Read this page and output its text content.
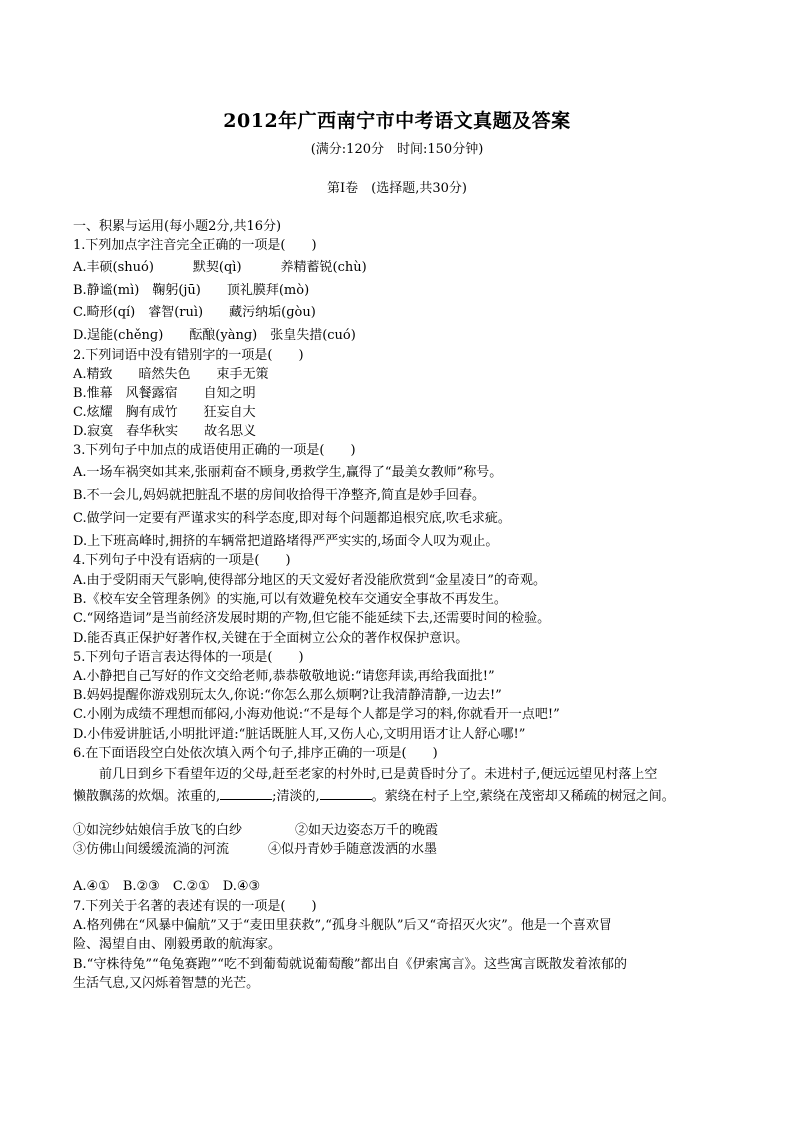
2012年广西南宁市中考语文真题及答案
(满分:120分　时间:150分钟)
第Ⅰ卷　(选择题,共30分)
一、积累与运用(每小题2分,共16分)
1.下列加点字注音完全正确的一项是(　　)
A.丰硕(shuó)　　　默契(qì)　　　养精蓄锐(chù)
B.静谧(mì)　鞠躬(jū)　　顶礼膜拜(mò)
C.畸形(qí)　睿智(ruì)　　藏污纳垢(ɡòu)
D.逞能(chěnɡ)　　酝酿(yànɡ)　张皇失措(cuó)
2.下列词语中没有错别字的一项是(　　)
A.精致　　暗然失色　　束手无策
B.惟幕　风餐露宿　　自知之明
C.炫耀　胸有成竹　　狂妄自大
D.寂寞　春华秋实　　故名思义
3.下列句子中加点的成语使用正确的一项是(　　)
A.一场车祸突如其来,张丽莉奋不顾身,勇救学生,赢得了“最美女教师”称号。
B.不一会儿,妈妈就把脏乱不堪的房间收拾得干净整齐,简直是妙手回春。
C.做学问一定要有严谨求实的科学态度,即对每个问题都追根究底,吹毛求疵。
D.上下班高峰时,拥挤的车辆常把道路堵得严严实实的,场面令人叹为观止。
4.下列句子中没有语病的一项是(　　)
A.由于受阴雨天气影响,使得部分地区的天文爱好者没能欣赏到“金星凌日”的奇观。
B.《校车安全管理条例》的实施,可以有效避免校车交通安全事故不再发生。
C.“网络造词”是当前经济发展时期的产物,但它能不能延续下去,还需要时间的检验。
D.能否真正保护好著作权,关键在于全面树立公众的著作权保护意识。
5.下列句子语言表达得体的一项是(　　)
A.小静把自己写好的作文交给老师,恭恭敬敬地说:“请您拜读,再给我面批!”
B.妈妈提醒你游戏别玩太久,你说:“你怎么那么烦啊?让我清静清静,一边去!”
C.小刚为成绩不理想而郁闷,小海劝他说:“不是每个人都是学习的料,你就看开一点吧!”
D.小伟爱讲脏话,小明批评道:“脏话既脏人耳,又伤人心,文明用语才让人舒心哪!”
6.在下面语段空白处依次填入两个句子,排序正确的一项是(　　)
前几日到乡下看望年迈的父母,赶至老家的村外时,已是黄昏时分了。未进村子,便远远望见村落上空
懒散飘荡的炊烟。浓重的,	;清淡的,	。萦绕在村子上空,萦绕在茂密却又稀疏的树冠之间。
①如浣纱姑娘信手放飞的白纱	②如天边姿态万千的晚霞
③仿佛山间缓缓流淌的河流	④似丹青妙手随意泼洒的水墨
A.④①　B.②③　C.②①　D.④③
7.下列关于名著的表述有误的一项是(　　)
A.格列佛在“风暴中偏航”又于“麦田里获救”,“孤身斗舰队”后又“奇招灭火灾”。他是一个喜欢冒
险、渴望自由、刚毅勇敢的航海家。
B.“守株待兔”“龟兔赛跑”“吃不到葡萄就说葡萄酸”都出自《伊索寓言》。这些寓言既散发着浓郁的
生活气息,又闪烁着智慧的光芒。
